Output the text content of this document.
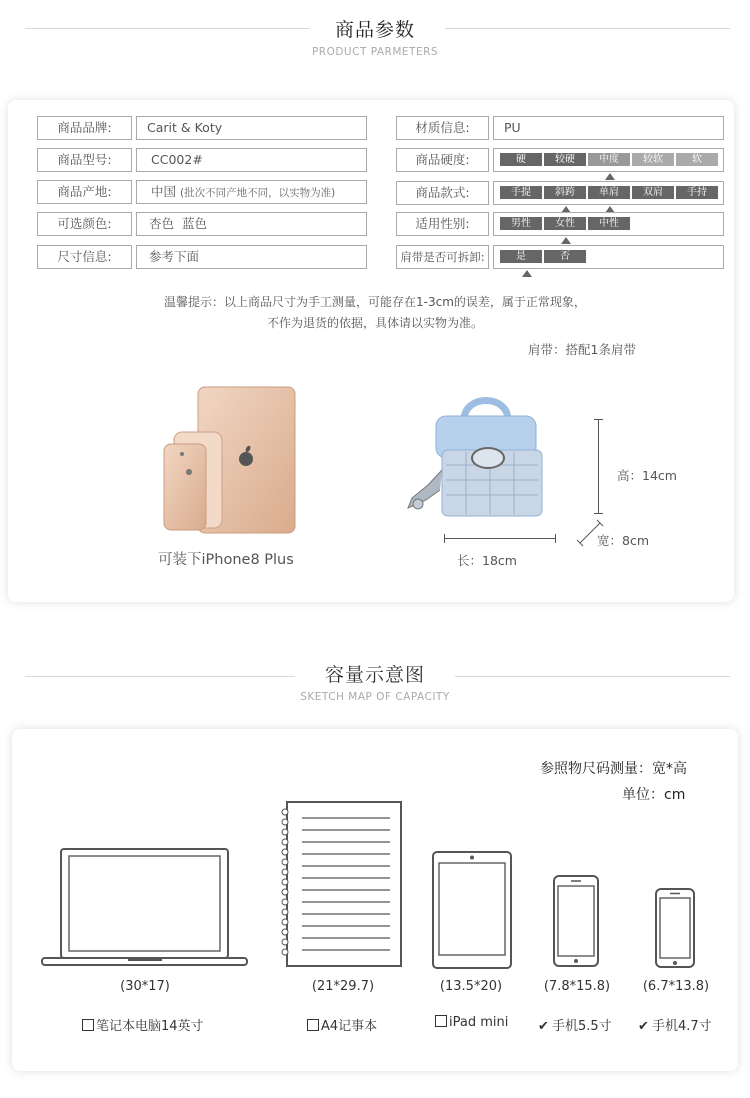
商品参数
PRODUCT PARMETERS
商品品牌:	Carit & Koty
商品型号:	CC002#
商品产地:	中国 (批次不同产地不同，以实物为准)
可选颜色:	杏色  蓝色
尺寸信息:	参考下面
材质信息:	PU
商品硬度:	硬	较硬	中度	较软	软
商品款式:	手提	斜跨	单肩	双肩	手持
适用性别:	男性	女性	中性
肩带是否可拆卸:	是	否
温馨提示：以上商品尺寸为手工测量，可能存在1-3cm的误差，属于正常现象，
不作为退货的依据，具体请以实物为准。
肩带：搭配1条肩带
可装下iPhone8 Plus
高：14cm
宽：8cm
长：18cm
容量示意图
SKETCH MAP OF CAPACITY
参照物尺码测量：宽*高
单位：cm
(30*17)	(21*29.7)	(13.5*20)	(7.8*15.8)	(6.7*13.8)
笔记本电脑14英寸	A4记事本	iPad mini ✔ 手机5.5寸 ✔ 手机4.7寸
